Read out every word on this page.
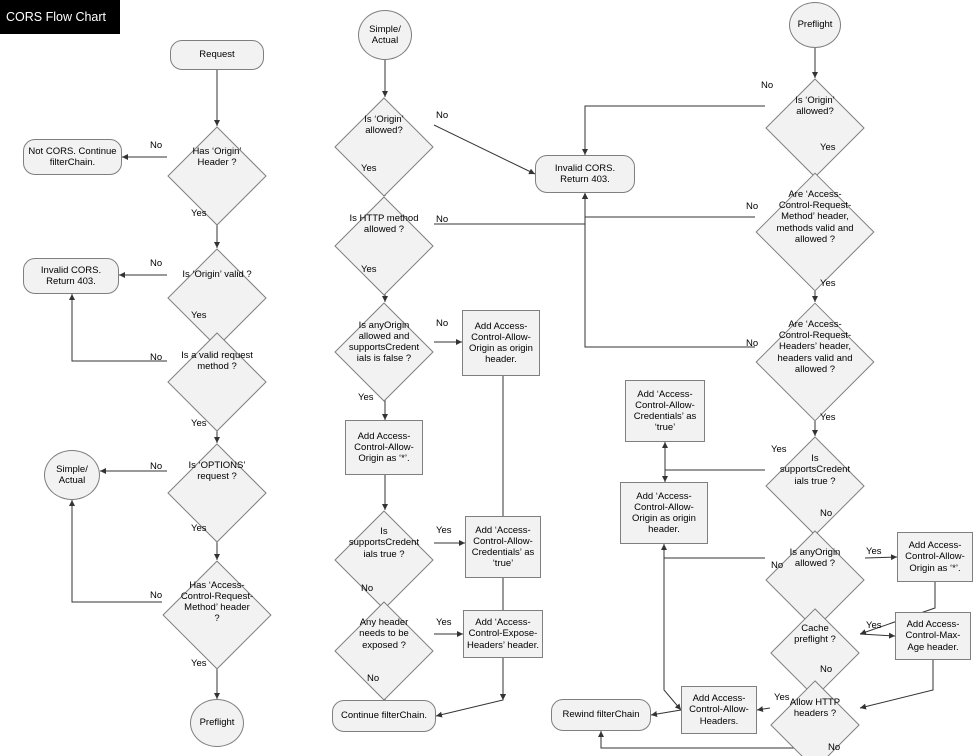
CORS Flow Chart
Request
Has ‘Origin’
Header ?
Not CORS. Continue
filterChain.
Is ‘Origin’ valid ?
Invalid CORS.
Return 403.
Is a valid request
method ?
Is ‘OPTIONS’
request ?
Simple/
Actual
Has ‘Access-
Control-Request-
Method’ header
?
Preflight
Simple/
Actual
Is ‘Origin’
allowed?
Invalid CORS.
Return 403.
Is HTTP method
allowed ?
Is anyOrigin
allowed and
supportsCredent
ials is false ?
Add Access-
Control-Allow-
Origin as origin
header.
Add Access-
Control-Allow-
Origin as ‘*’.
Is
supportsCredent
ials true ?
Add ‘Access-
Control-Allow-
Credentials’ as
‘true’
Any header
needs to be
exposed ?
Add ‘Access-
Control-Expose-
Headers’ header.
Continue filterChain.
Preflight
Is ‘Origin’
allowed?
Are ‘Access-
Control-Request-
Method’ header,
methods valid and
allowed ?
Are ‘Access-
Control-Request-
Headers’ header,
headers valid and
allowed ?
Is
supportsCredent
ials true ?
Add ‘Access-
Control-Allow-
Credentials’ as
‘true’
Add ‘Access-
Control-Allow-
Origin as origin
header.
Is anyOrigin
allowed ?
Add Access-
Control-Allow-
Origin as ‘*’.
Cache
preflight ?
Add Access-
Control-Max-
Age header.
Allow HTTP
headers ?
Add Access-
Control-Allow-
Headers.
Rewind filterChain
No
Yes
No
Yes
No
Yes
No
Yes
No
Yes
No
Yes
No
Yes
No
Yes
Yes
No
Yes
No
No
Yes
No
Yes
No
Yes
Yes
No
No
Yes
Yes
No
Yes
No
